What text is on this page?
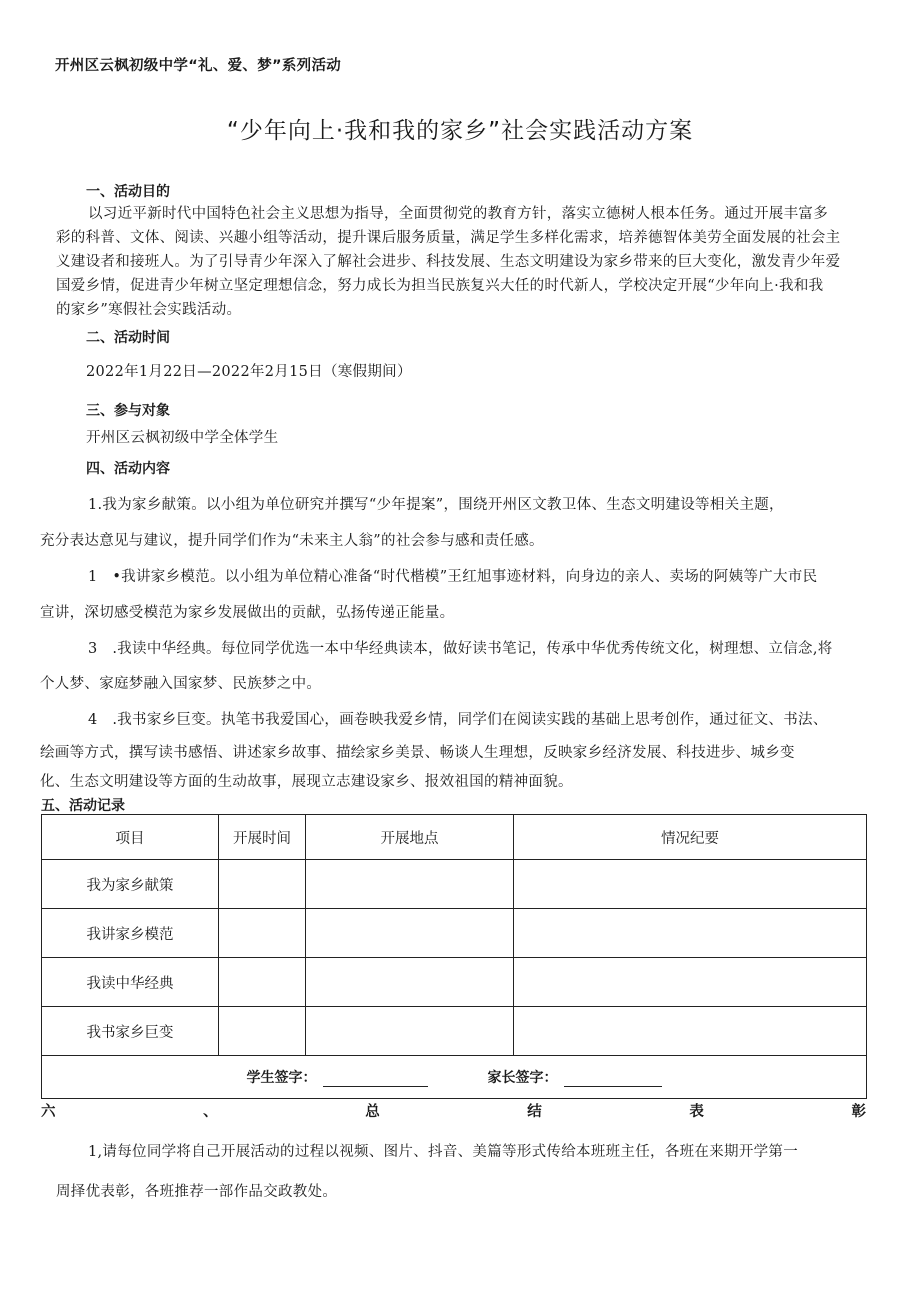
开州区云枫初级中学“礼、爱、梦”系列活动
“少年向上·我和我的家乡”社会实践活动方案
一、活动目的
以习近平新时代中国特色社会主义思想为指导，全面贯彻党的教育方针，落实立德树人根本任务。通过开展丰富多
彩的科普、文体、阅读、兴趣小组等活动，提升课后服务质量，满足学生多样化需求，培养德智体美劳全面发展的社会主
义建设者和接班人。为了引导青少年深入了解社会进步、科技发展、生态文明建设为家乡带来的巨大变化，激发青少年爱
国爱乡情，促进青少年树立坚定理想信念，努力成长为担当民族复兴大任的时代新人，学校决定开展“少年向上·我和我
的家乡”寒假社会实践活动。
二、活动时间
2022年1月22日—2022年2月15日（寒假期间）
三、参与对象
开州区云枫初级中学全体学生
四、活动内容
1.我为家乡献策。以小组为单位研究并撰写“少年提案”，围绕开州区文教卫体、生态文明建设等相关主题，
充分表达意见与建议，提升同学们作为“未来主人翁”的社会参与感和责任感。
1　•我讲家乡模范。以小组为单位精心准备“时代楷模”王红旭事迹材料，向身边的亲人、卖场的阿姨等广大市民
宣讲，深切感受模范为家乡发展做出的贡献，弘扬传递正能量。
3　.我读中华经典。每位同学优选一本中华经典读本，做好读书笔记，传承中华优秀传统文化，树理想、立信念,将
个人梦、家庭梦融入国家梦、民族梦之中。
4　.我书家乡巨变。执笔书我爱国心，画卷映我爱乡情，同学们在阅读实践的基础上思考创作，通过征文、书法、
绘画等方式，撰写读书感悟、讲述家乡故事、描绘家乡美景、畅谈人生理想，反映家乡经济发展、科技进步、城乡变
化、生态文明建设等方面的生动故事，展现立志建设家乡、报效祖国的精神面貌。
五、活动记录
项目	开展时间	开展地点	情况纪要
我为家乡献策			
我讲家乡模范			
我读中华经典			
我书家乡巨变			

学生签字： 家长签字：			
六	、	总	结	表	彰
1,请每位同学将自己开展活动的过程以视频、图片、抖音、美篇等形式传给本班班主任，各班在来期开学第一
周择优表彰，各班推荐一部作品交政教处。
